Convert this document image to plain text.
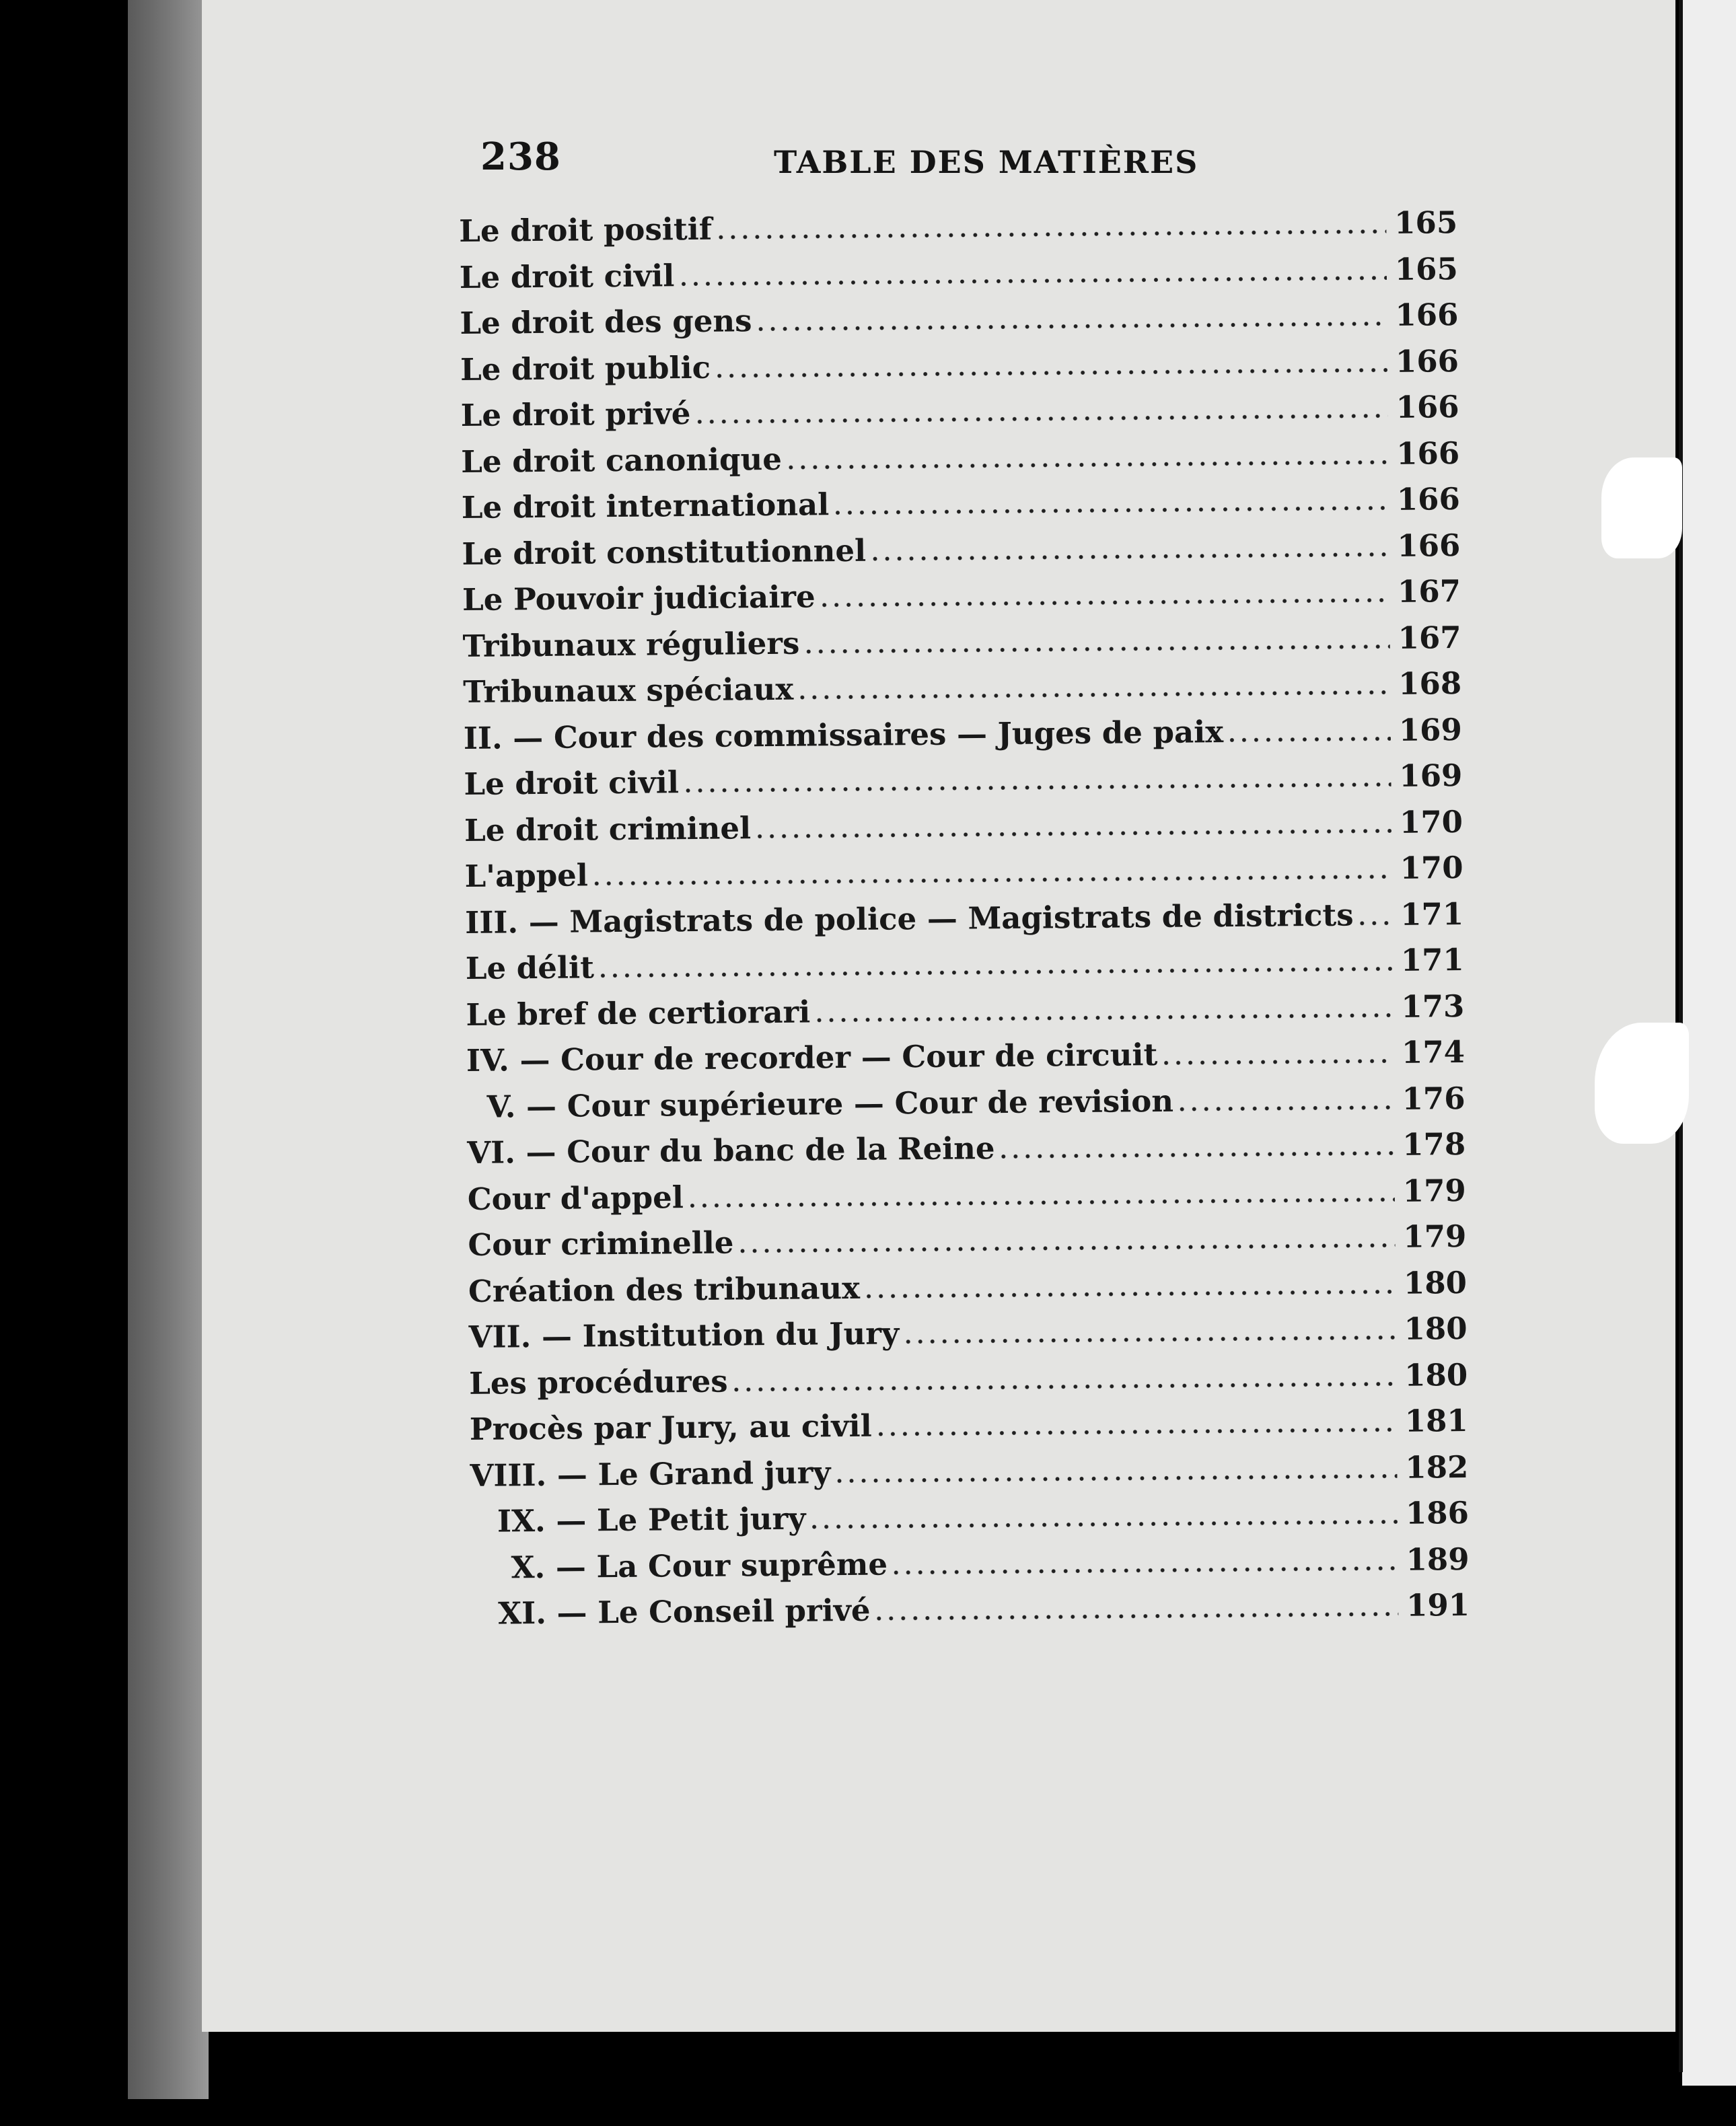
238	TABLE DES MATIÈRES
Le droit positif	165
Le droit civil	165
Le droit des gens	166
Le droit public	166
Le droit privé	166
Le droit canonique	166
Le droit international	166
Le droit constitutionnel	166
Le Pouvoir judiciaire	167
Tribunaux réguliers	167
Tribunaux spéciaux	168
II. — Cour des commissaires — Juges de paix	169
Le droit civil	169
Le droit criminel	170
L'appel	170
III. — Magistrats de police — Magistrats de districts 171
Le délit	171
Le bref de certiorari	173
IV. — Cour de recorder — Cour de circuit	174
V. — Cour supérieure — Cour de revision	176
VI. — Cour du banc de la Reine	178
Cour d'appel	179
Cour criminelle	179
Création des tribunaux	180
VII. — Institution du Jury	180
Les procédures	180
Procès par Jury, au civil	181
VIII. — Le Grand jury	182
IX. — Le Petit jury	186
X. — La Cour suprême	189
XI. — Le Conseil privé	191
